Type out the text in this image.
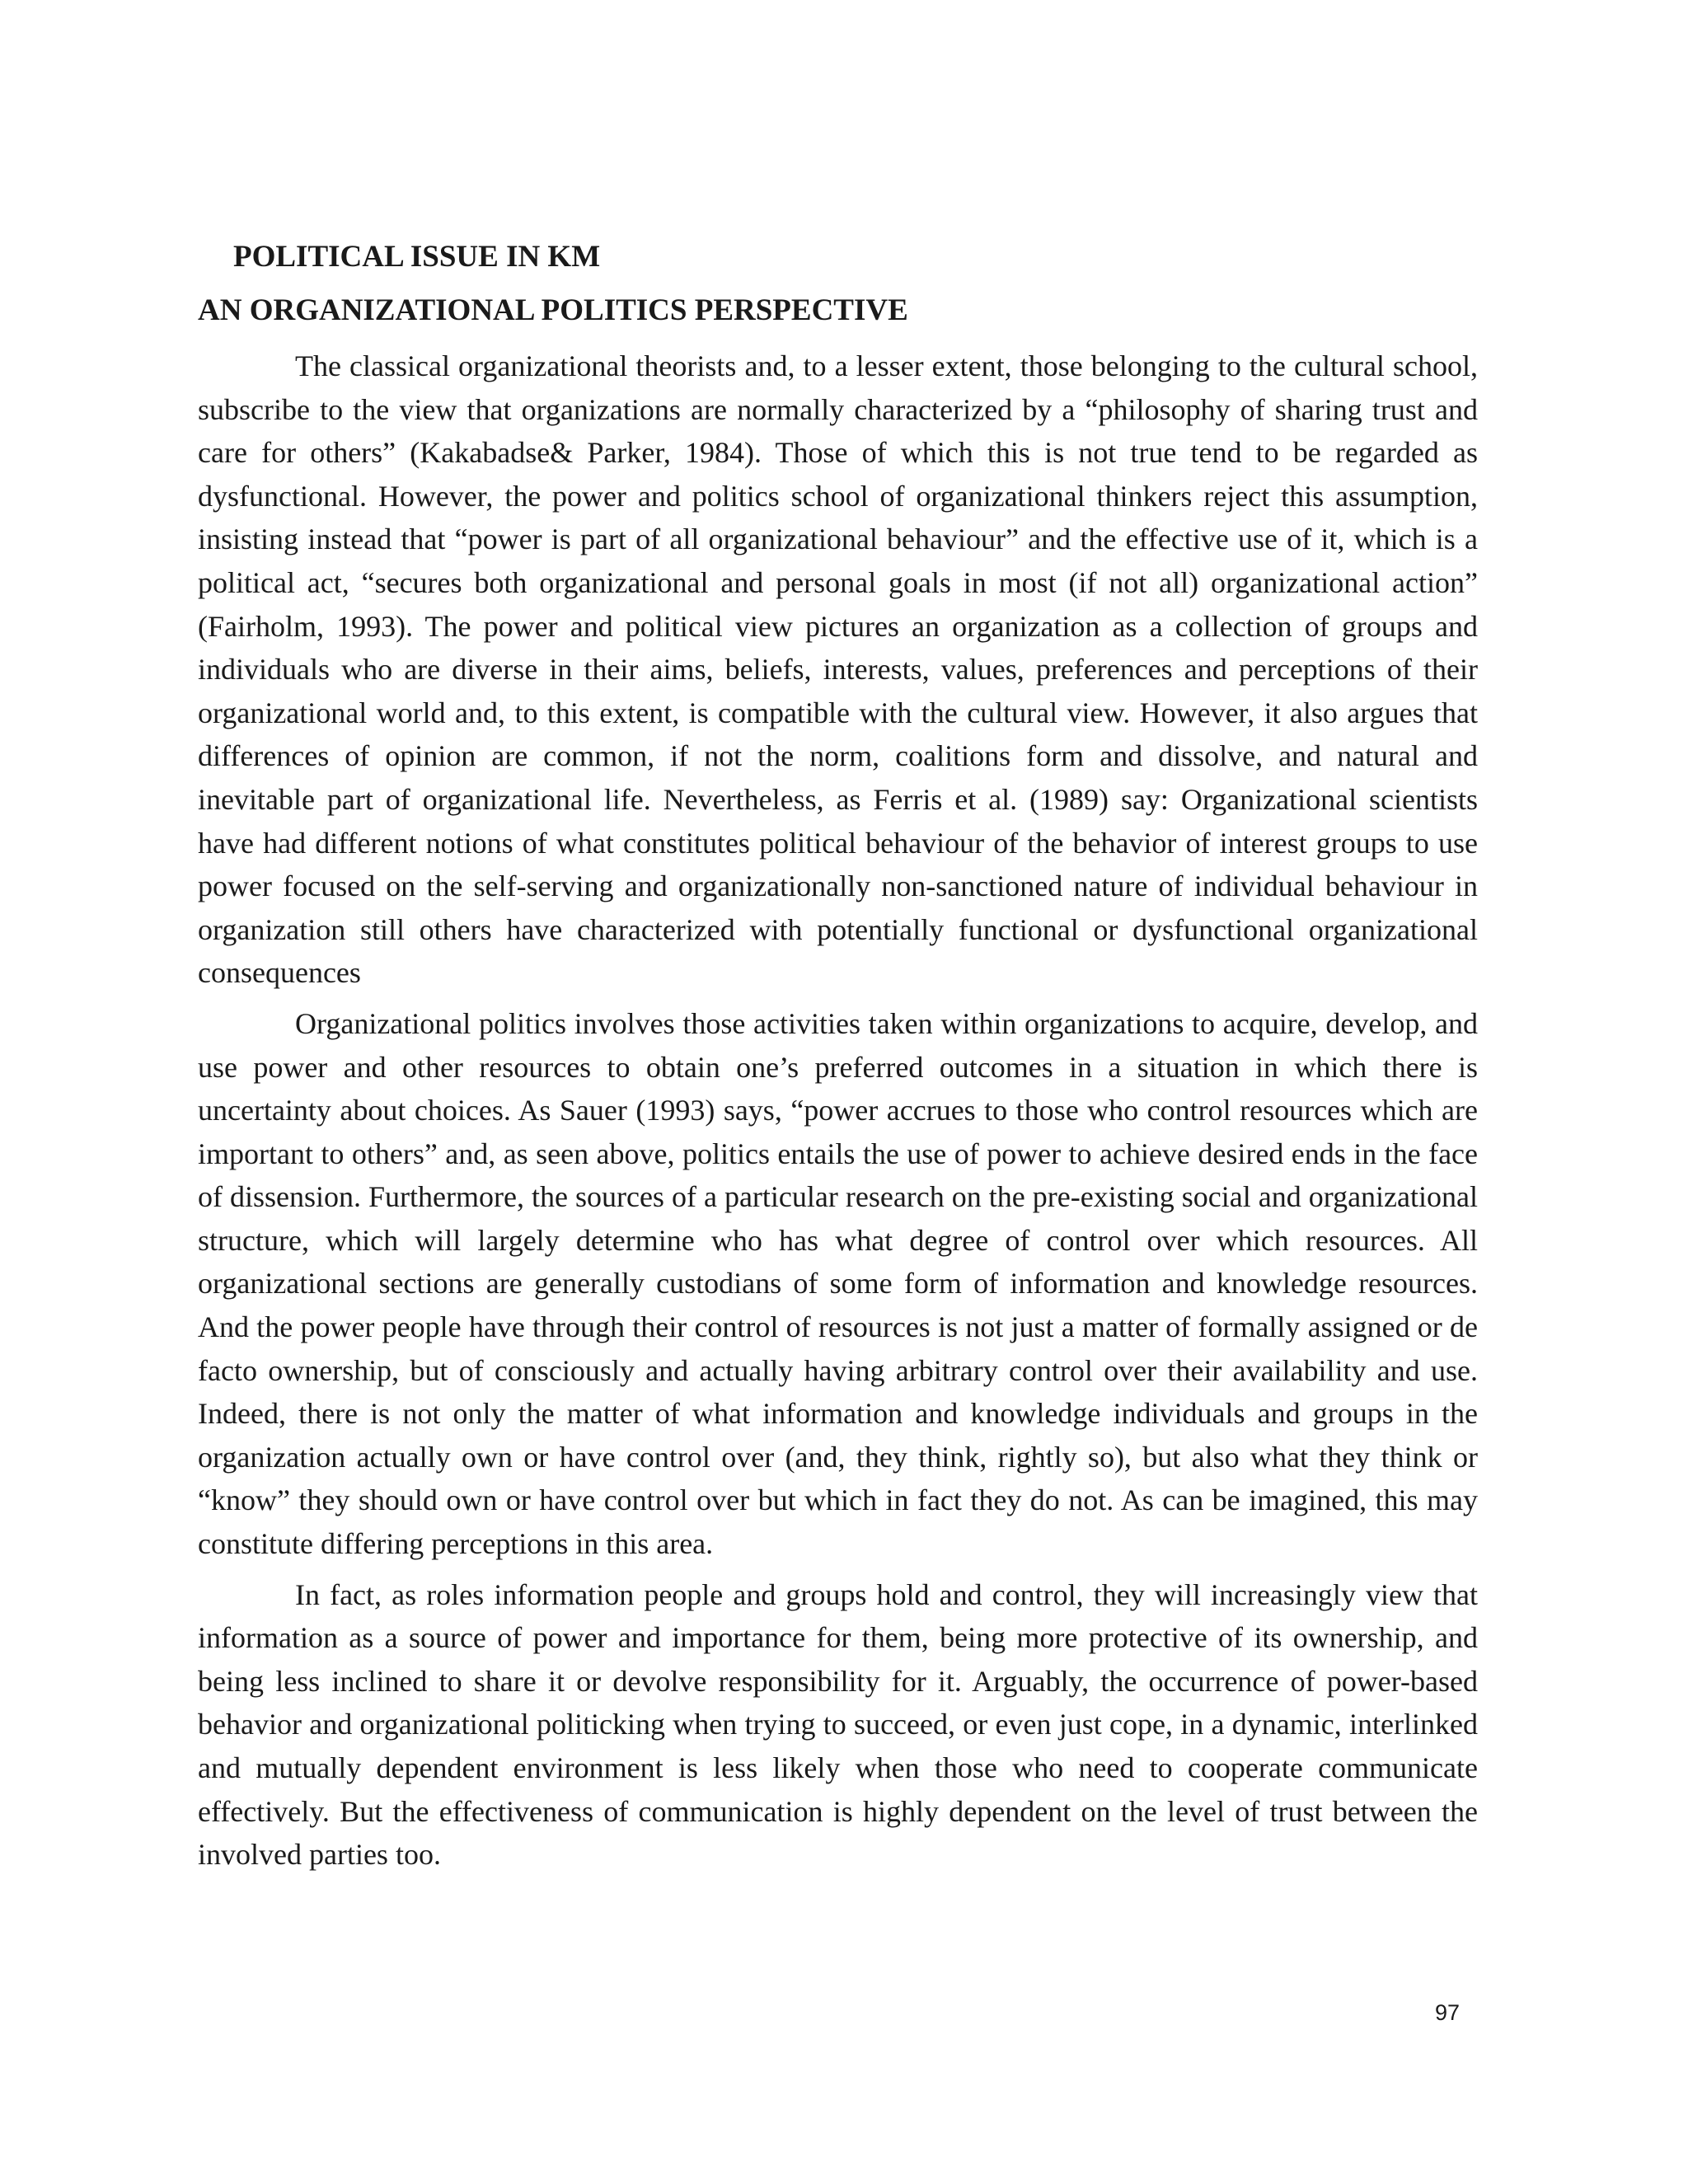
POLITICAL ISSUE IN KM
AN ORGANIZATIONAL POLITICS PERSPECTIVE

The classical organizational theorists and, to a lesser extent, those belonging to the cultural school, subscribe to the view that organizations are normally characterized by a “philosophy of sharing trust and care for others” (Kakabadse& Parker, 1984). Those of which this is not true tend to be regarded as dysfunctional. However, the power and politics school of organizational thinkers reject this assumption, insisting instead that “power is part of all organizational behaviour” and the effective use of it, which is a political act, “secures both organizational and personal goals in most (if not all) organizational action” (Fairholm, 1993). The power and political view pictures an organization as a collection of groups and individuals who are diverse in their aims, beliefs, interests, values, preferences and perceptions of their organizational world and, to this extent, is compatible with the cultural view. However, it also argues that differences of opinion are common, if not the norm, coalitions form and dissolve, and natural and inevitable part of organizational life. Nevertheless, as Ferris et al. (1989) say: Organizational scientists have had different notions of what constitutes political behaviour of the behavior of interest groups to use power focused on the self-serving and organizationally non-sanctioned nature of individual behaviour in organization still others have characterized with potentially functional or dysfunctional organizational consequences

Organizational politics involves those activities taken within organizations to acquire, develop, and use power and other resources to obtain one’s preferred outcomes in a situation in which there is uncertainty about choices. As Sauer (1993) says, “power accrues to those who control resources which are important to others” and, as seen above, politics entails the use of power to achieve desired ends in the face of dissension. Furthermore, the sources of a particular research on the pre-existing social and organizational structure, which will largely determine who has what degree of control over which resources. All organizational sections are generally custodians of some form of information and knowledge resources. And the power people have through their control of resources is not just a matter of formally assigned or de facto ownership, but of consciously and actually having arbitrary control over their availability and use. Indeed, there is not only the matter of what information and knowledge individuals and groups in the organization actually own or have control over (and, they think, rightly so), but also what they think or “know” they should own or have control over but which in fact they do not. As can be imagined, this may constitute differing perceptions in this area.

In fact, as roles information people and groups hold and control, they will increasingly view that information as a source of power and importance for them, being more protective of its ownership, and being less inclined to share it or devolve responsibility for it. Arguably, the occurrence of power-based behavior and organizational politicking when trying to succeed, or even just cope, in a dynamic, interlinked and mutually dependent environment is less likely when those who need to cooperate communicate effectively. But the effectiveness of communication is highly dependent on the level of trust between the involved parties too.

97
